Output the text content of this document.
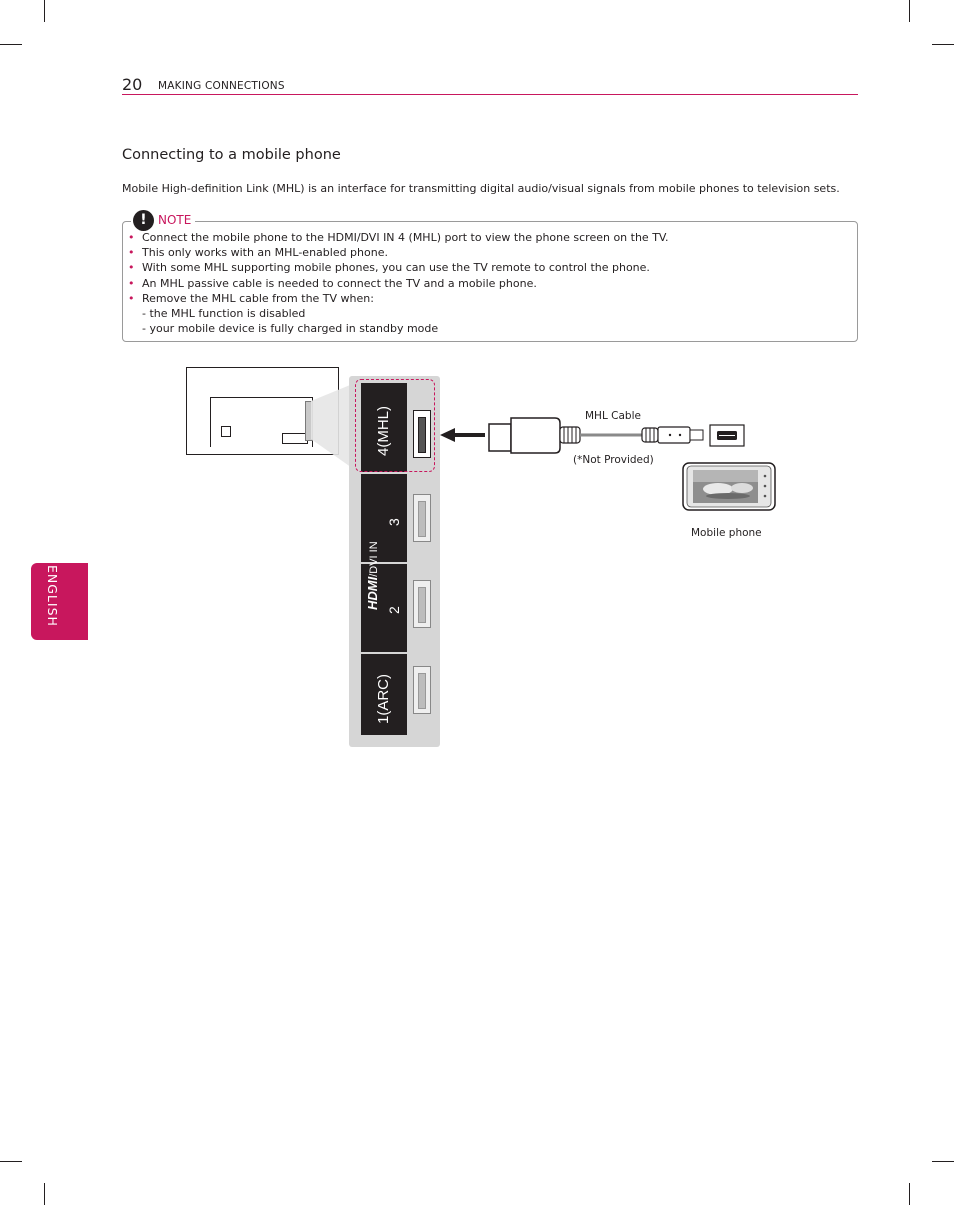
20 MAKING CONNECTIONS
Connecting to a mobile phone
Mobile High-definition Link (MHL) is an interface for transmitting digital audio/visual signals from mobile phones to television sets.
! NOTE
• Connect the mobile phone to the HDMI/DVI IN 4 (MHL) port to view the phone screen on the TV.
• This only works with an MHL-enabled phone.
• With some MHL supporting mobile phones, you can use the TV remote to control the phone.
• An MHL passive cable is needed to connect the TV and a mobile phone.
• Remove the MHL cable from the TV when:
- the MHL function is disabled
- your mobile device is fully charged in standby mode
ENGLISH
4(MHL)
3
2
1(ARC)
HDMI/DVI IN
MHL Cable
(*Not Provided)
Mobile phone
